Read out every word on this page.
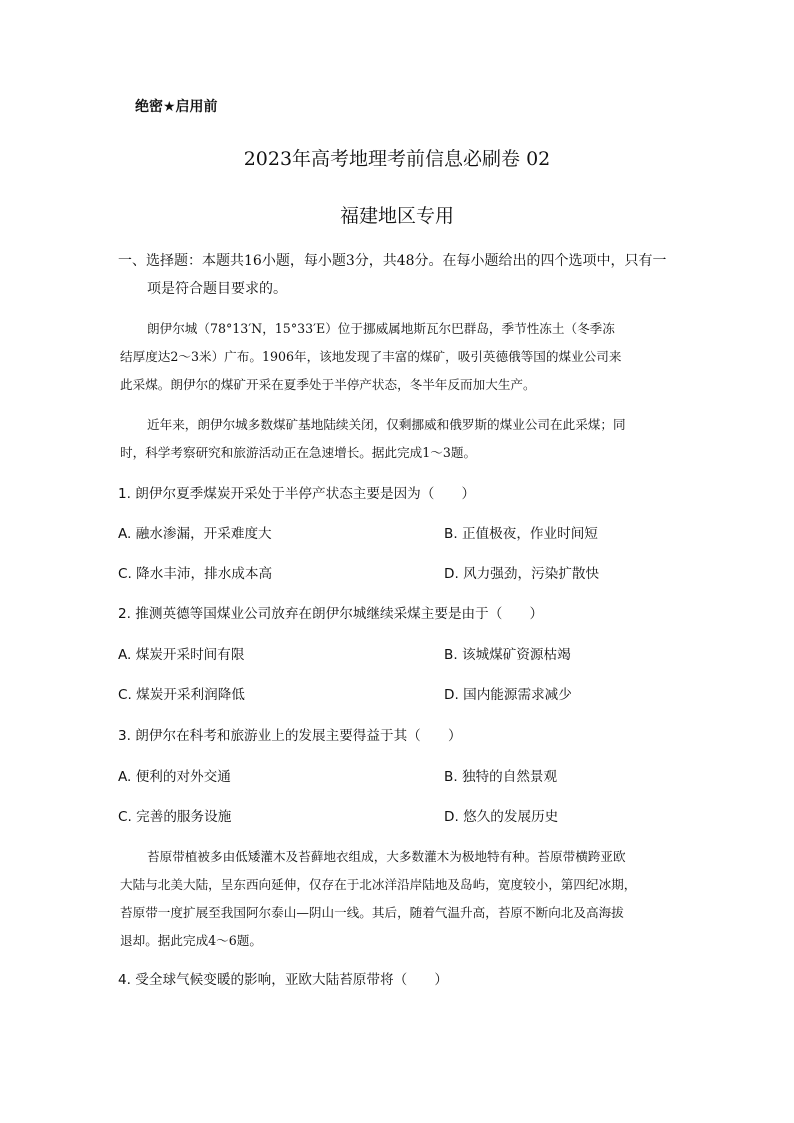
绝密★启用前
2023年高考地理考前信息必刷卷 02
福建地区专用
一、选择题：本题共16小题，每小题3分，共48分。在每小题给出的四个选项中，只有一
项是符合题目要求的。
朗伊尔城（78°13′N，15°33′E）位于挪威属地斯瓦尔巴群岛，季节性冻土（冬季冻
结厚度达2～3米）广布。1906年，该地发现了丰富的煤矿，吸引英德俄等国的煤业公司来
此采煤。朗伊尔的煤矿开采在夏季处于半停产状态，冬半年反而加大生产。
近年来，朗伊尔城多数煤矿基地陆续关闭，仅剩挪威和俄罗斯的煤业公司在此采煤；同
时，科学考察研究和旅游活动正在急速增长。据此完成1～3题。
1. 朗伊尔夏季煤炭开采处于半停产状态主要是因为（　　）
A. 融水渗漏，开采难度大	B. 正值极夜，作业时间短
C. 降水丰沛，排水成本高	D. 风力强劲，污染扩散快
2. 推测英德等国煤业公司放弃在朗伊尔城继续采煤主要是由于（　　）
A. 煤炭开采时间有限	B. 该城煤矿资源枯竭
C. 煤炭开采利润降低	D. 国内能源需求减少
3. 朗伊尔在科考和旅游业上的发展主要得益于其（　　）
A. 便利的对外交通	B. 独特的自然景观
C. 完善的服务设施	D. 悠久的发展历史
苔原带植被多由低矮灌木及苔藓地衣组成，大多数灌木为极地特有种。苔原带横跨亚欧
大陆与北美大陆，呈东西向延伸，仅存在于北冰洋沿岸陆地及岛屿，宽度较小，第四纪冰期，
苔原带一度扩展至我国阿尔泰山—阴山一线。其后，随着气温升高，苔原不断向北及高海拔
退却。据此完成4～6题。
4. 受全球气候变暖的影响，亚欧大陆苔原带将（　　）
